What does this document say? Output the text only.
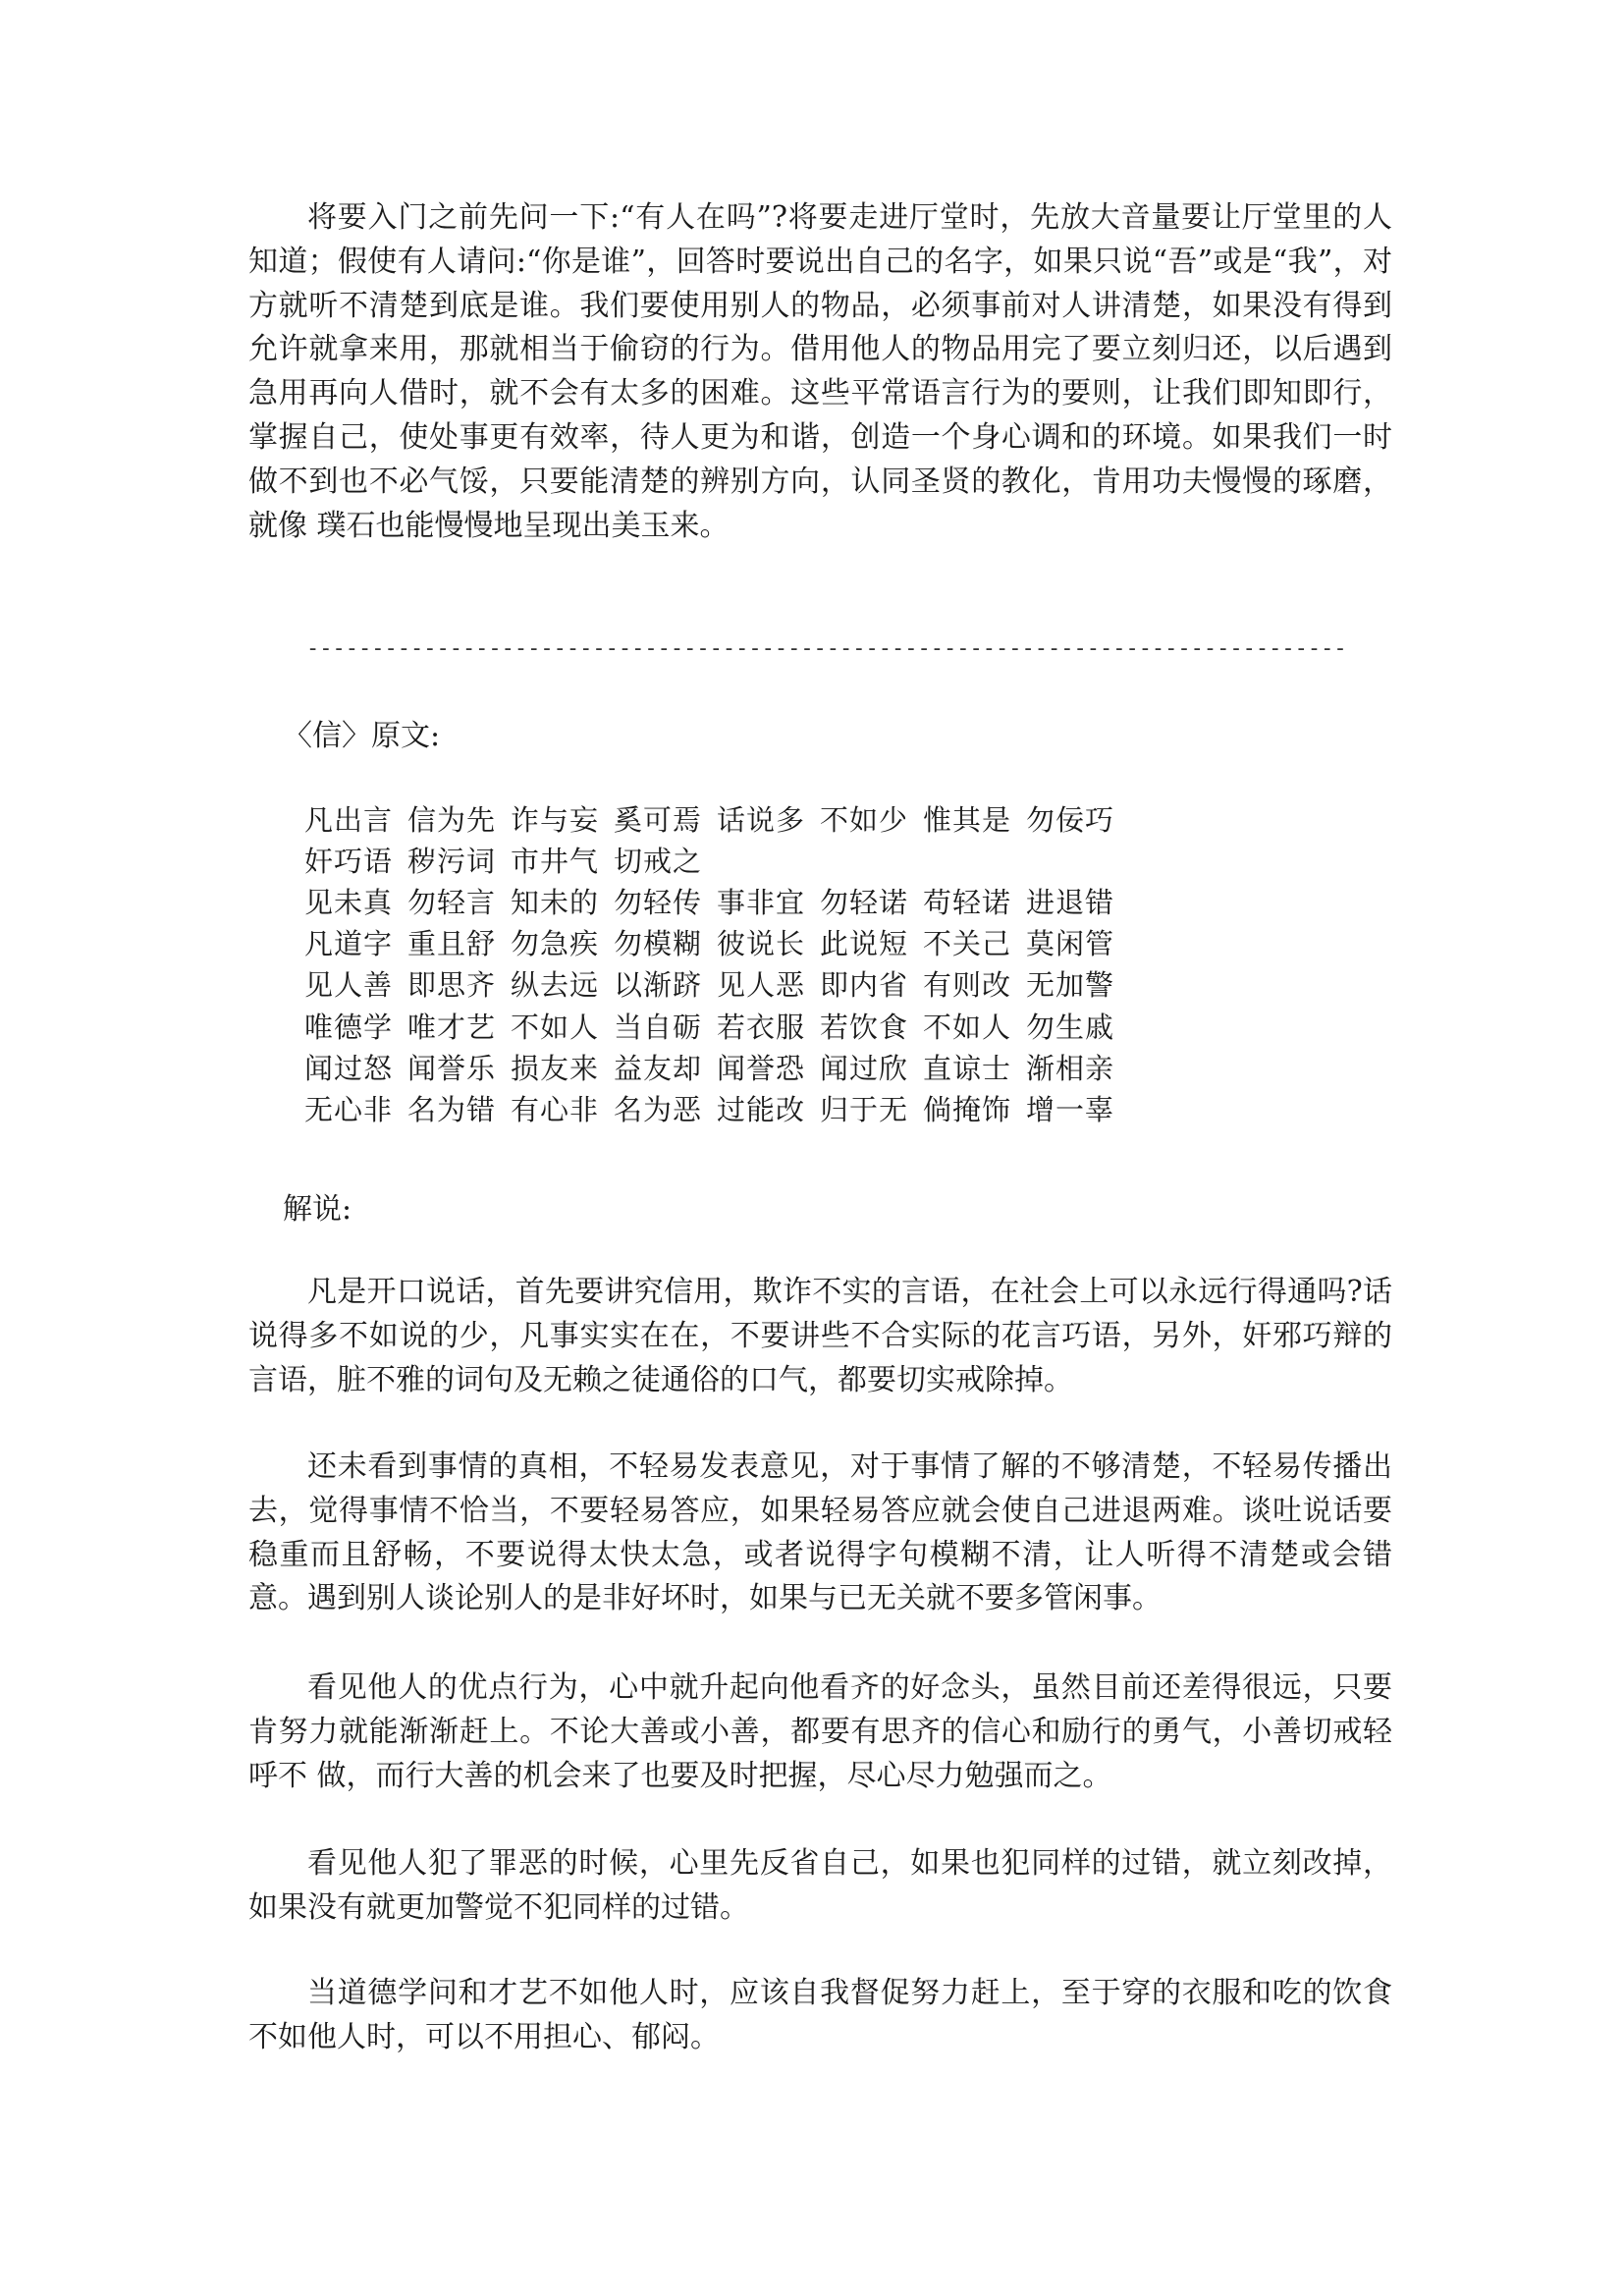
将要入门之前先问一下:“有人在吗”?将要走进厅堂时，先放大音量要让厅堂里的人知道；假使有人请问:“你是谁”，回答时要说出自己的名字，如果只说“吾”或是“我”，对方就听不清楚到底是谁。我们要使用别人的物品，必须事前对人讲清楚，如果没有得到允许就拿来用，那就相当于偷窃的行为。借用他人的物品用完了要立刻归还，以后遇到急用再向人借时，就不会有太多的困难。这些平常语言行为的要则，让我们即知即行，掌握自己，使处事更有效率，待人更为和谐，创造一个身心调和的环境。如果我们一时做不到也不必气馁，只要能清楚的辨别方向，认同圣贤的教化，肯用功夫慢慢的琢磨，就像 璞石也能慢慢地呈现出美玉来。

--------------------------------------------------------------------------------

〈信〉原文:

凡出言 信为先 诈与妄 奚可焉 话说多 不如少 惟其是 勿佞巧
奸巧语 秽污词 市井气 切戒之
见未真 勿轻言 知未的 勿轻传 事非宜 勿轻诺 苟轻诺 进退错
凡道字 重且舒 勿急疾 勿模糊 彼说长 此说短 不关己 莫闲管
见人善 即思齐 纵去远 以渐跻 见人恶 即内省 有则改 无加警
唯德学 唯才艺 不如人 当自砺 若衣服 若饮食 不如人 勿生戚
闻过怒 闻誉乐 损友来 益友却 闻誉恐 闻过欣 直谅士 渐相亲
无心非 名为错 有心非 名为恶 过能改 归于无 倘掩饰 增一辜

解说:

凡是开口说话，首先要讲究信用，欺诈不实的言语，在社会上可以永远行得通吗?话说得多不如说的少，凡事实实在在，不要讲些不合实际的花言巧语，另外，奸邪巧辩的言语，脏不雅的词句及无赖之徒通俗的口气，都要切实戒除掉。

还未看到事情的真相，不轻易发表意见，对于事情了解的不够清楚，不轻易传播出去，觉得事情不恰当，不要轻易答应，如果轻易答应就会使自己进退两难。谈吐说话要稳重而且舒畅，不要说得太快太急，或者说得字句模糊不清，让人听得不清楚或会错意。遇到别人谈论别人的是非好坏时，如果与已无关就不要多管闲事。

看见他人的优点行为，心中就升起向他看齐的好念头，虽然目前还差得很远，只要肯努力就能渐渐赶上。不论大善或小善，都要有思齐的信心和励行的勇气，小善切戒轻呼不 做，而行大善的机会来了也要及时把握，尽心尽力勉强而之。

看见他人犯了罪恶的时候，心里先反省自己，如果也犯同样的过错，就立刻改掉，如果没有就更加警觉不犯同样的过错。

当道德学问和才艺不如他人时，应该自我督促努力赶上，至于穿的衣服和吃的饮食不如他人时，可以不用担心、郁闷。
